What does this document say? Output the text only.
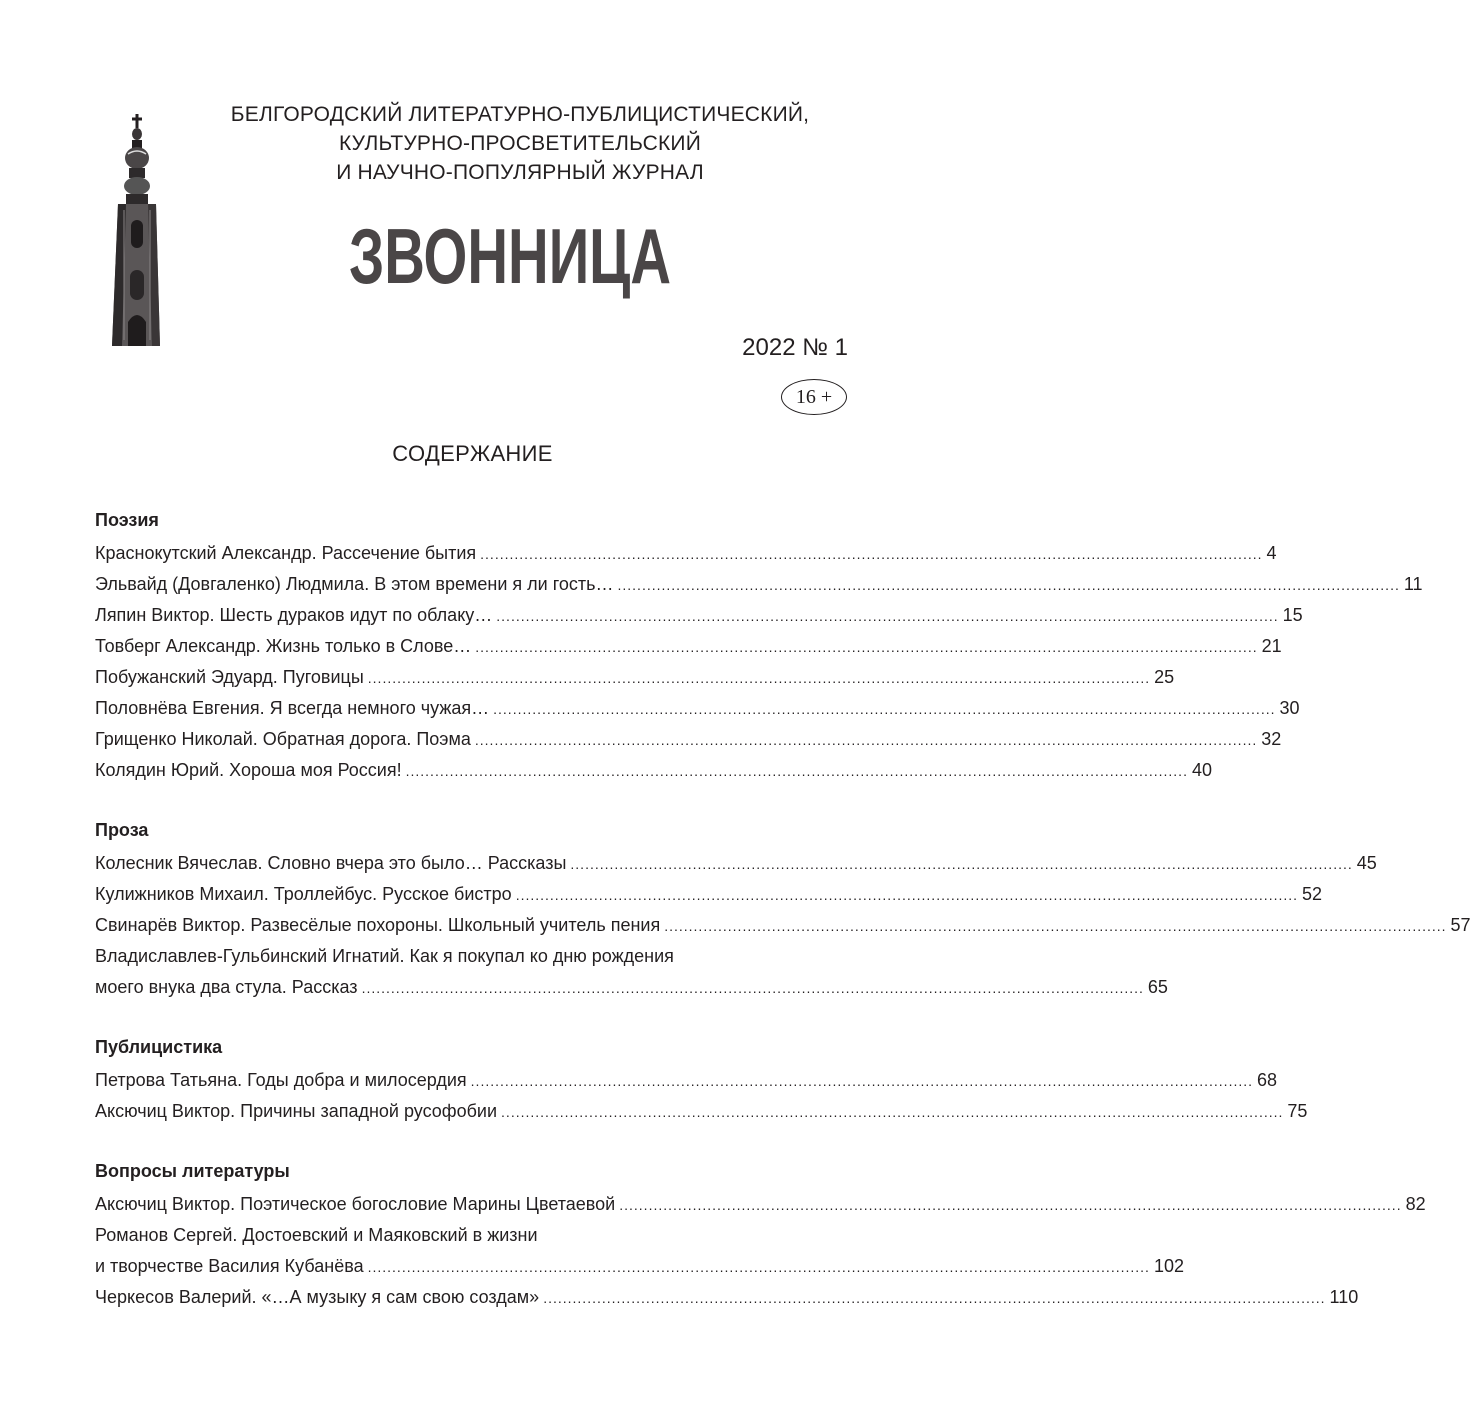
БЕЛГОРОДСКИЙ ЛИТЕРАТУРНО-ПУБЛИЦИСТИЧЕСКИЙ,
КУЛЬТУРНО-ПРОСВЕТИТЕЛЬСКИЙ
И НАУЧНО-ПОПУЛЯРНЫЙ ЖУРНАЛ
ЗВОННИЦА
2022 № 1
16 +
СОДЕРЖАНИЕ
Поэзия
Краснокутский Александр. Рассечение бытия .....	4
Эльвайд (Довгаленко) Людмила. В этом времени я ли гость… .....	11
Ляпин Виктор. Шесть дураков идут по облаку… .....	15
Товберг Александр. Жизнь только в Слове… .....	21
Побужанский Эдуард. Пуговицы .....	25
Половнёва Евгения. Я всегда немного чужая… .....	30
Грищенко Николай. Обратная дорога. Поэма .....	32
Колядин Юрий. Хороша моя Россия! .....	40
Проза
Колесник Вячеслав. Словно вчера это было… Рассказы .....	45
Кулижников Михаил. Троллейбус. Русское бистро .....	52
Свинарёв Виктор. Развесёлые похороны. Школьный учитель пения .....	57
Владиславлев-Гульбинский Игнатий. Как я покупал ко дню рождения
моего внука два стула. Рассказ .....	65
Публицистика
Петрова Татьяна. Годы добра и милосердия .....	68
Аксючиц Виктор. Причины западной русофобии .....	75
Вопросы литературы
Аксючиц Виктор. Поэтическое богословие Марины Цветаевой .....	82
Романов Сергей. Достоевский и Маяковский в жизни
и творчестве Василия Кубанёва .....	102
Черкесов Валерий. «…А музыку я сам свою создам» .....	110
